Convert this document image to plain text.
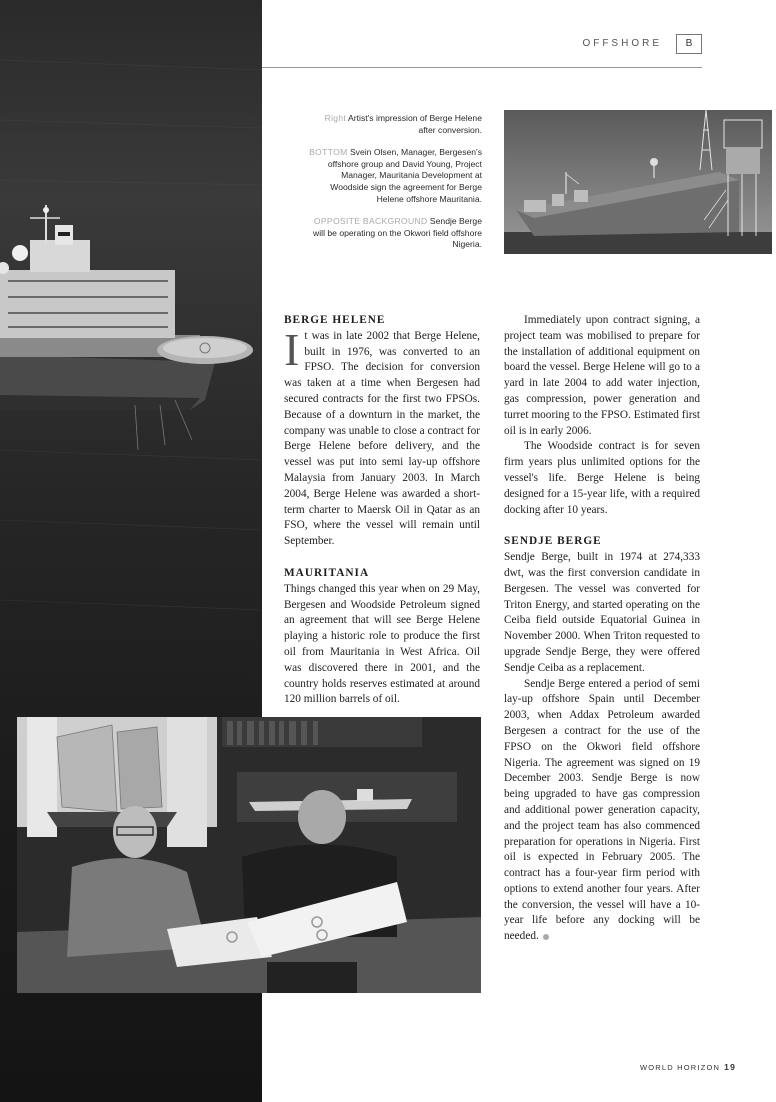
OFFSHORE	B

Right Artist's impression of Berge Helene after conversion.

BOTTOM Svein Olsen, Manager, Bergesen's offshore group and David Young, Project Manager, Mauritania Development at Woodside sign the agreement for Berge Helene offshore Mauritania.

OPPOSITE BACKGROUND Sendje Berge will be operating on the Okwori field offshore Nigeria.

BERGE HELENE

It was in late 2002 that Berge Helene, built in 1976, was converted to an FPSO. The decision for conversion was taken at a time when Bergesen had secured contracts for the first two FPSOs. Because of a downturn in the market, the company was unable to close a contract for Berge Helene before delivery, and the vessel was put into semi lay-up offshore Malaysia from January 2003. In March 2004, Berge Helene was awarded a short-term charter to Maersk Oil in Qatar as an FSO, where the vessel will remain until September.

MAURITANIA

Things changed this year when on 29 May, Bergesen and Woodside Petroleum signed an agreement that will see Berge Helene playing a historic role to produce the first oil from Mauritania in West Africa. Oil was discovered there in 2001, and the country holds reserves estimated at around 120 million barrels of oil.

Immediately upon contract signing, a project team was mobilised to prepare for the installation of additional equipment on board the vessel. Berge Helene will go to a yard in late 2004 to add water injection, gas compression, power generation and turret mooring to the FPSO. Estimated first oil is in early 2006.

The Woodside contract is for seven firm years plus unlimited options for the vessel's life. Berge Helene is being designed for a 15-year life, with a required docking after 10 years.

SENDJE BERGE

Sendje Berge, built in 1974 at 274,333 dwt, was the first conversion candidate in Bergesen. The vessel was converted for Triton Energy, and started operating on the Ceiba field outside Equatorial Guinea in November 2000. When Triton requested to upgrade Sendje Berge, they were offered Sendje Ceiba as a replacement.

Sendje Berge entered a period of semi lay-up offshore Spain until December 2003, when Addax Petroleum awarded Bergesen a contract for the use of the FPSO on the Okwori field offshore Nigeria. The agreement was signed on 19 December 2003. Sendje Berge is now being upgraded to have gas compression and additional power generation capacity, and the project team has also commenced preparation for operations in Nigeria. First oil is expected in February 2005. The contract has a four-year firm period with options to extend another four years. After the conversion, the vessel will have a 10-year life before any docking will be needed.

WORLD HORIZON 19
